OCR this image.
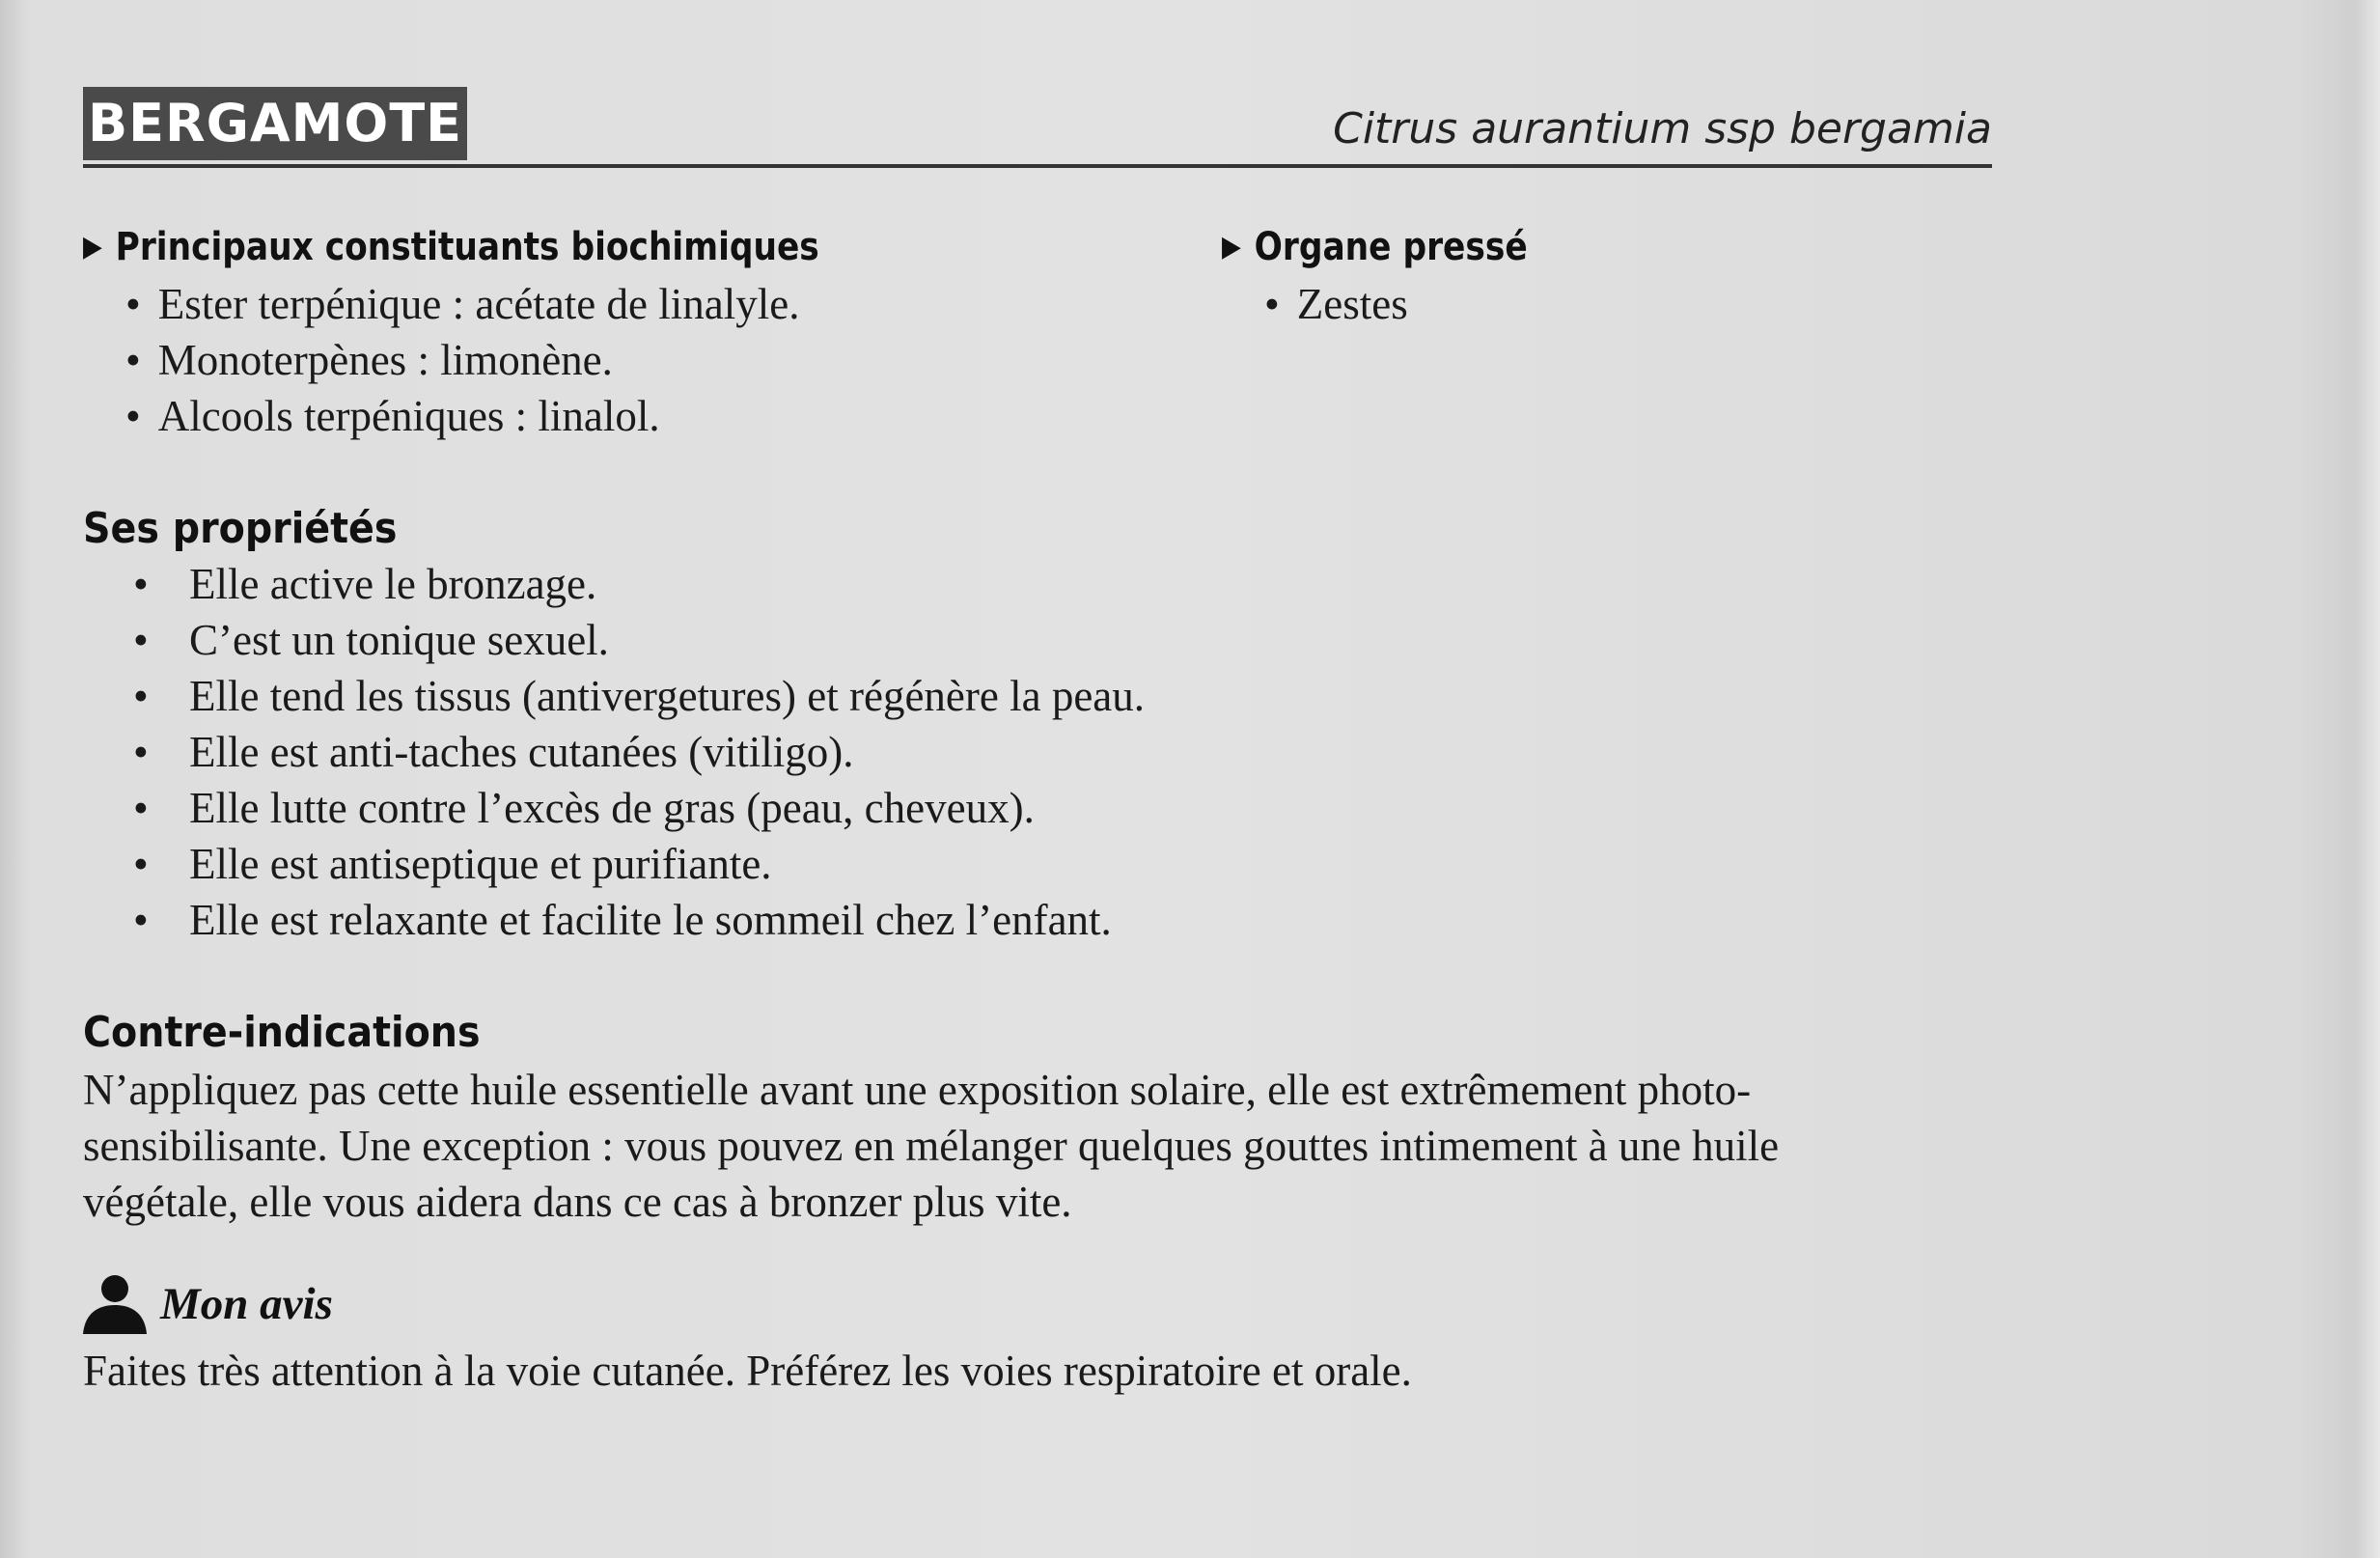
BERGAMOTE	Citrus aurantium ssp bergamia
▶ Principaux constituants biochimiques
• Ester terpénique : acétate de linalyle.
• Monoterpènes : limonène.
• Alcools terpéniques : linalol.
▶ Organe pressé
• Zestes
Ses propriétés
• Elle active le bronzage.
• C’est un tonique sexuel.
• Elle tend les tissus (antivergetures) et régénère la peau.
• Elle est anti-taches cutanées (vitiligo).
• Elle lutte contre l’excès de gras (peau, cheveux).
• Elle est antiseptique et purifiante.
• Elle est relaxante et facilite le sommeil chez l’enfant.
Contre-indications
N’appliquez pas cette huile essentielle avant une exposition solaire, elle est extrêmement photo-
sensibilisante. Une exception : vous pouvez en mélanger quelques gouttes intimement à une huile
végétale, elle vous aidera dans ce cas à bronzer plus vite.
Mon avis
Faites très attention à la voie cutanée. Préférez les voies respiratoire et orale.
